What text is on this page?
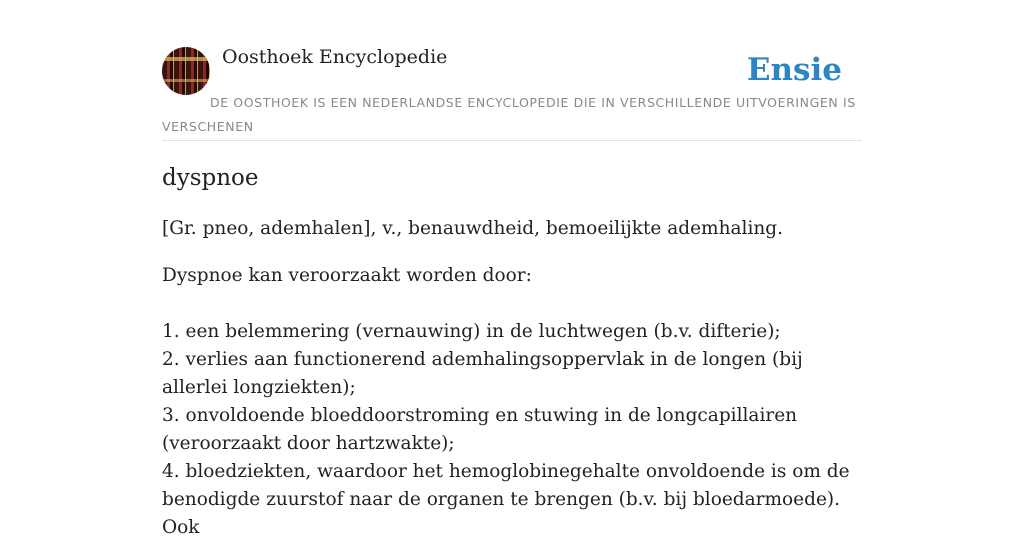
Oosthoek Encyclopedie	Ensie
DE OOSTHOEK IS EEN NEDERLANDSE ENCYCLOPEDIE DIE IN VERSCHILLENDE UITVOERINGEN IS VERSCHENEN
dyspnoe

[Gr. pneo, ademhalen], v., benauwdheid, bemoeilijkte ademhaling.

Dyspnoe kan veroorzaakt worden door:

1. een belemmering (vernauwing) in de luchtwegen (b.v. difterie);
2. verlies aan functionerend ademhalingsoppervlak in de longen (bij allerlei longziekten);
3. onvoldoende bloeddoorstroming en stuwing in de longcapillairen (veroorzaakt door hartzwakte);
4. bloedziekten, waardoor het hemoglobinegehalte onvoldoende is om de benodigde zuurstof naar de organen te brengen (b.v. bij bloedarmoede). Ook
